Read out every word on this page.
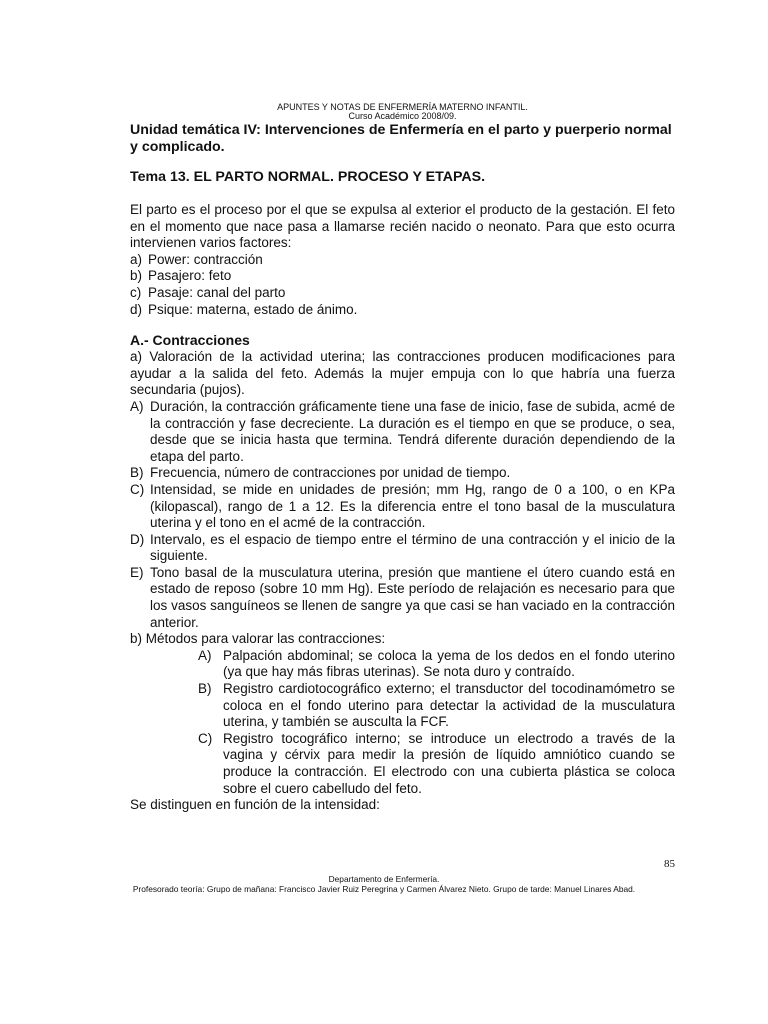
APUNTES Y NOTAS DE ENFERMERÍA MATERNO INFANTIL.
Curso Académico 2008/09.

Unidad temática IV: Intervenciones de Enfermería en el parto y puerperio normal y complicado.

Tema 13. EL PARTO NORMAL. PROCESO Y ETAPAS.

El parto es el proceso por el que se expulsa al exterior el producto de la gestación. El feto en el momento que nace pasa a llamarse recién nacido o neonato. Para que esto ocurra intervienen varios factores:

a) Power: contracción
b) Pasajero: feto
c) Pasaje: canal del parto
d) Psique: materna, estado de ánimo.

A.- Contracciones

a) Valoración de la actividad uterina; las contracciones producen modificaciones para ayudar a la salida del feto. Además la mujer empuja con lo que habría una fuerza secundaria (pujos).

A) Duración, la contracción gráficamente tiene una fase de inicio, fase de subida, acmé de la contracción y fase decreciente. La duración es el tiempo en que se produce, o sea, desde que se inicia hasta que termina. Tendrá diferente duración dependiendo de la etapa del parto.
B) Frecuencia, número de contracciones por unidad de tiempo.
C) Intensidad, se mide en unidades de presión; mm Hg, rango de 0 a 100, o en KPa (kilopascal), rango de 1 a 12. Es la diferencia entre el tono basal de la musculatura uterina y el tono en el acmé de la contracción.
D) Intervalo, es el espacio de tiempo entre el término de una contracción y el inicio de la siguiente.
E) Tono basal de la musculatura uterina, presión que mantiene el útero cuando está en estado de reposo (sobre 10 mm Hg). Este período de relajación es necesario para que los vasos sanguíneos se llenen de sangre ya que casi se han vaciado en la contracción anterior.

b) Métodos para valorar las contracciones:

A) Palpación abdominal; se coloca la yema de los dedos en el fondo uterino (ya que hay más fibras uterinas). Se nota duro y contraído.
B) Registro cardiotocográfico externo; el transductor del tocodinamómetro se coloca en el fondo uterino para detectar la actividad de la musculatura uterina, y también se ausculta la FCF.
C) Registro tocográfico interno; se introduce un electrodo a través de la vagina y cérvix para medir la presión de líquido amniótico cuando se produce la contracción. El electrodo con una cubierta plástica se coloca sobre el cuero cabelludo del feto.

Se distinguen en función de la intensidad:

85
Departamento de Enfermería.
Profesorado teoría: Grupo de mañana: Francisco Javier Ruiz Peregrina y Carmen Álvarez Nieto. Grupo de tarde: Manuel Linares Abad.
